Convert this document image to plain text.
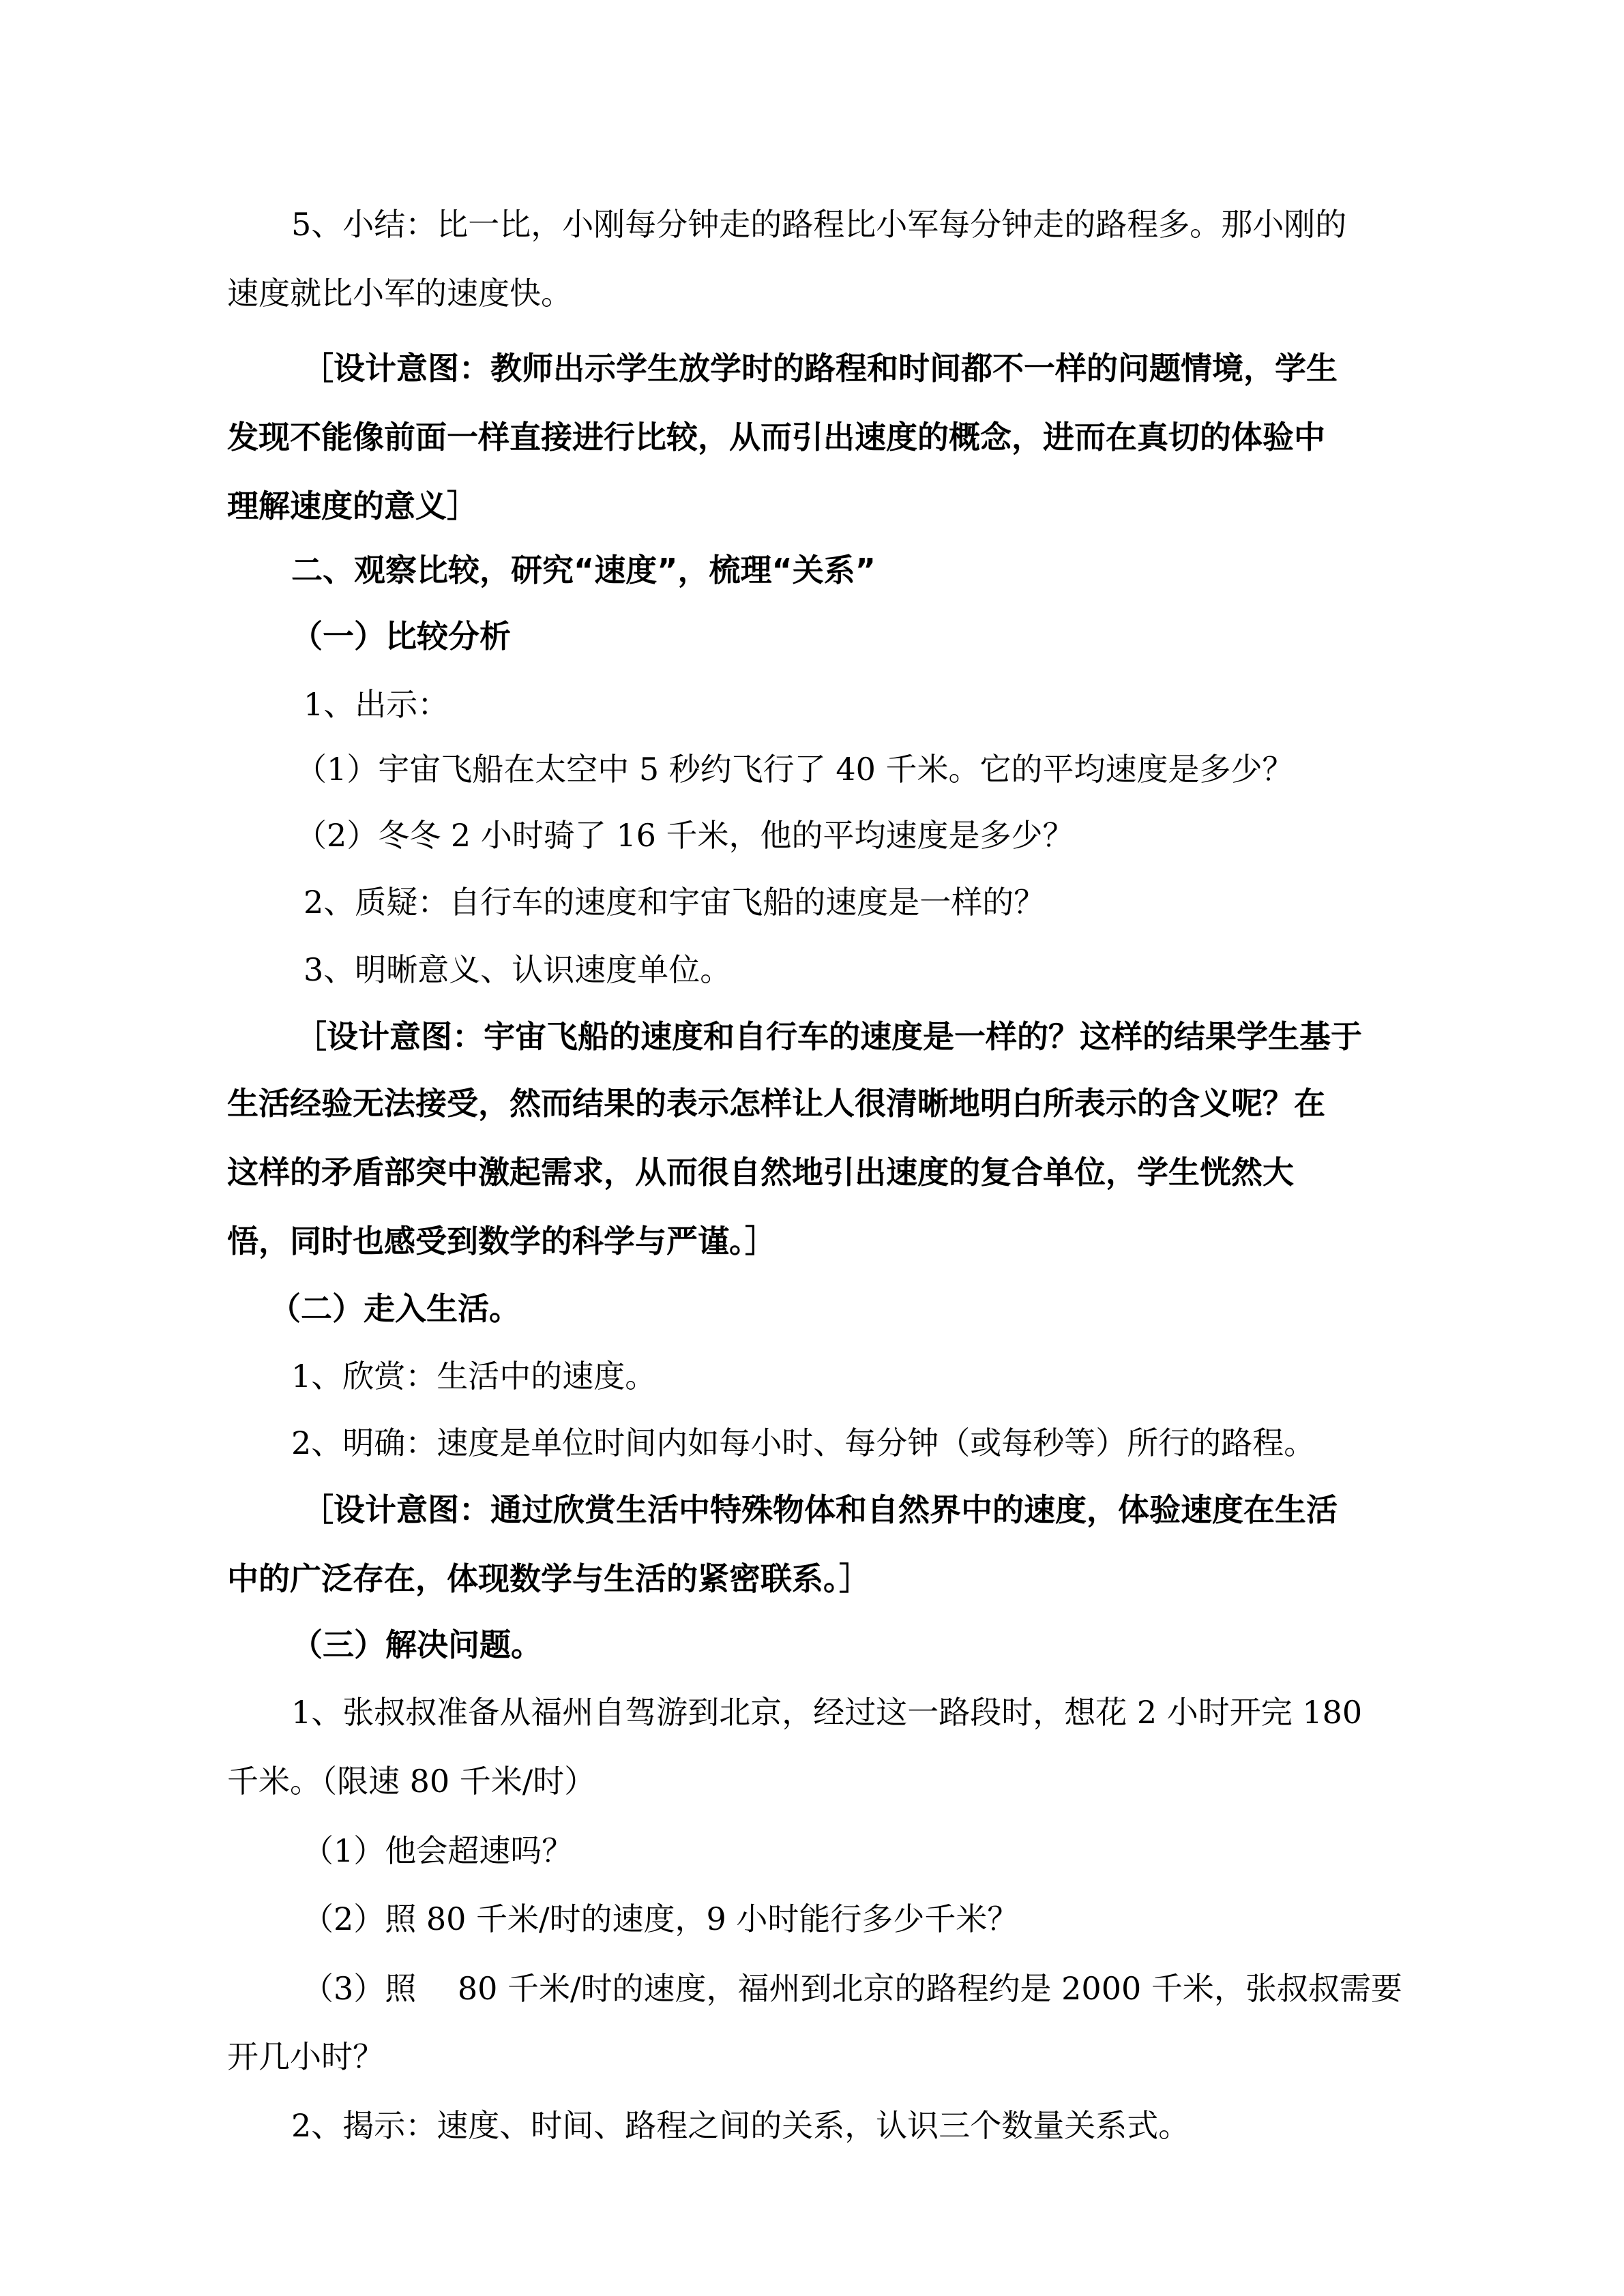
5、小结：比一比，小刚每分钟走的路程比小军每分钟走的路程多。那小刚的

速度就比小军的速度快。

［设计意图：教师出示学生放学时的路程和时间都不一样的问题情境，学生

发现不能像前面一样直接进行比较，从而引出速度的概念，进而在真切的体验中

理解速度的意义］

二、观察比较，研究“速度”，梳理“关系”

（一）比较分析

1、出示：

（1）宇宙飞船在太空中 5 秒约飞行了 40 千米。它的平均速度是多少？

（2）冬冬 2 小时骑了 16 千米，他的平均速度是多少？

2、质疑：自行车的速度和宇宙飞船的速度是一样的？

3、明晰意义、认识速度单位。

［设计意图：宇宙飞船的速度和自行车的速度是一样的？这样的结果学生基于

生活经验无法接受，然而结果的表示怎样让人很清晰地明白所表示的含义呢？在

这样的矛盾部突中激起需求，从而很自然地引出速度的复合单位，学生恍然大

悟，同时也感受到数学的科学与严谨。］

（二）走入生活。

1、欣赏：生活中的速度。

2、明确：速度是单位时间内如每小时、每分钟（或每秒等）所行的路程。

［设计意图：通过欣赏生活中特殊物体和自然界中的速度，体验速度在生活

中的广泛存在，体现数学与生活的紧密联系。］

（三）解决问题。

1、张叔叔准备从福州自驾游到北京，经过这一路段时，想花 2 小时开完 180

千米。（限速 80 千米/时）

（1）他会超速吗？

（2）照 80 千米/时的速度，9 小时能行多少千米？

（3）照　 80 千米/时的速度，福州到北京的路程约是 2000 千米，张叔叔需要

开几小时？

2、揭示：速度、时间、路程之间的关系，认识三个数量关系式。
